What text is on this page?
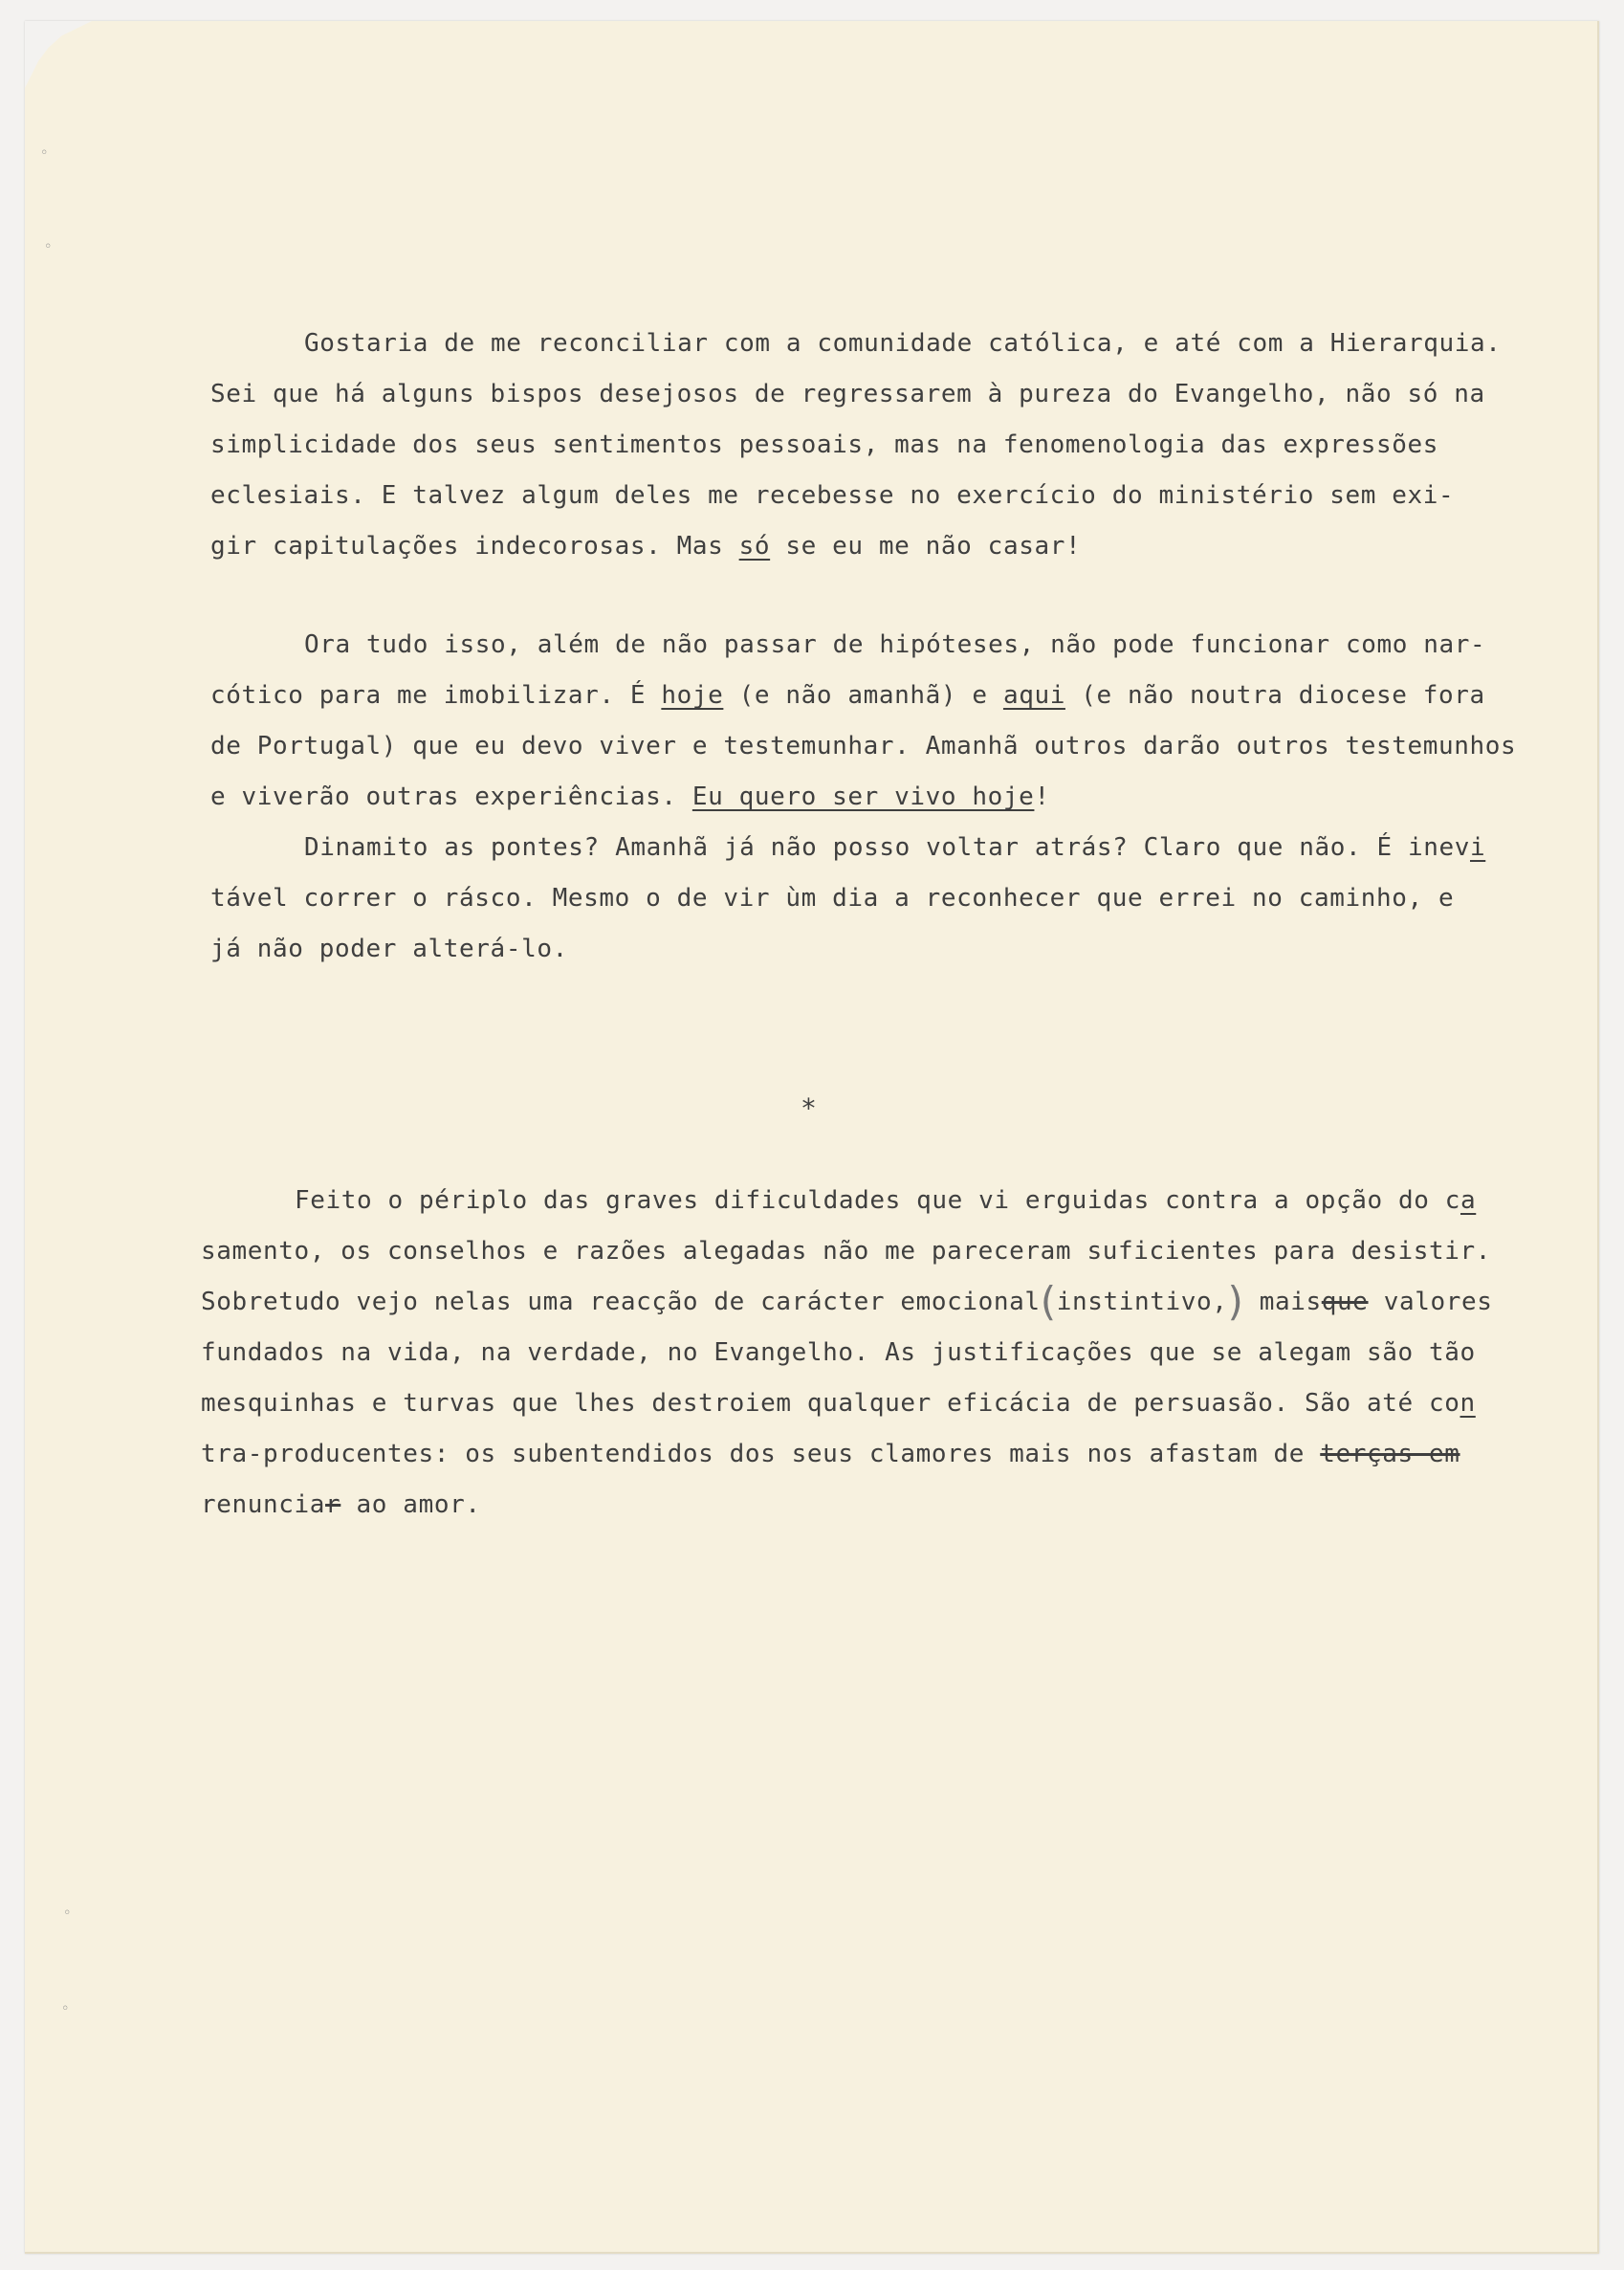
◦
◦
◦
◦
Gostaria de me reconciliar com a comunidade católica, e até com a Hierarquia.
Sei que há alguns bispos desejosos de regressarem à pureza do Evangelho, não só na
simplicidade dos seus sentimentos pessoais, mas na fenomenologia das expressões
eclesiais. E talvez algum deles me recebesse no exercício do ministério sem exi-
gir capitulações indecorosas. Mas só se eu me não casar!
Ora tudo isso, além de não passar de hipóteses, não pode funcionar como nar-
cótico para me imobilizar. É hoje (e não amanhã) e aqui (e não noutra diocese fora
de Portugal) que eu devo viver e testemunhar. Amanhã outros darão outros testemunhos
e viverão outras experiências. Eu quero ser vivo hoje!
Dinamito as pontes? Amanhã já não posso voltar atrás? Claro que não. É inevi
tável correr o rásco. Mesmo o de vir ùm dia a reconhecer que errei no caminho, e
já não poder alterá-lo.
*
Feito o périplo das graves dificuldades que vi erguidas contra a opção do ca
samento, os conselhos e razões alegadas não me pareceram suficientes para desistir.
Sobretudo vejo nelas uma reacção de carácter emocional(instintivo,) maisque valores
fundados na vida, na verdade, no Evangelho. As justificações que se alegam são tão
mesquinhas e turvas que lhes destroiem qualquer eficácia de persuasão. São até con
tra-producentes: os subentendidos dos seus clamores mais nos afastam de terças em
renunciar ao amor.
